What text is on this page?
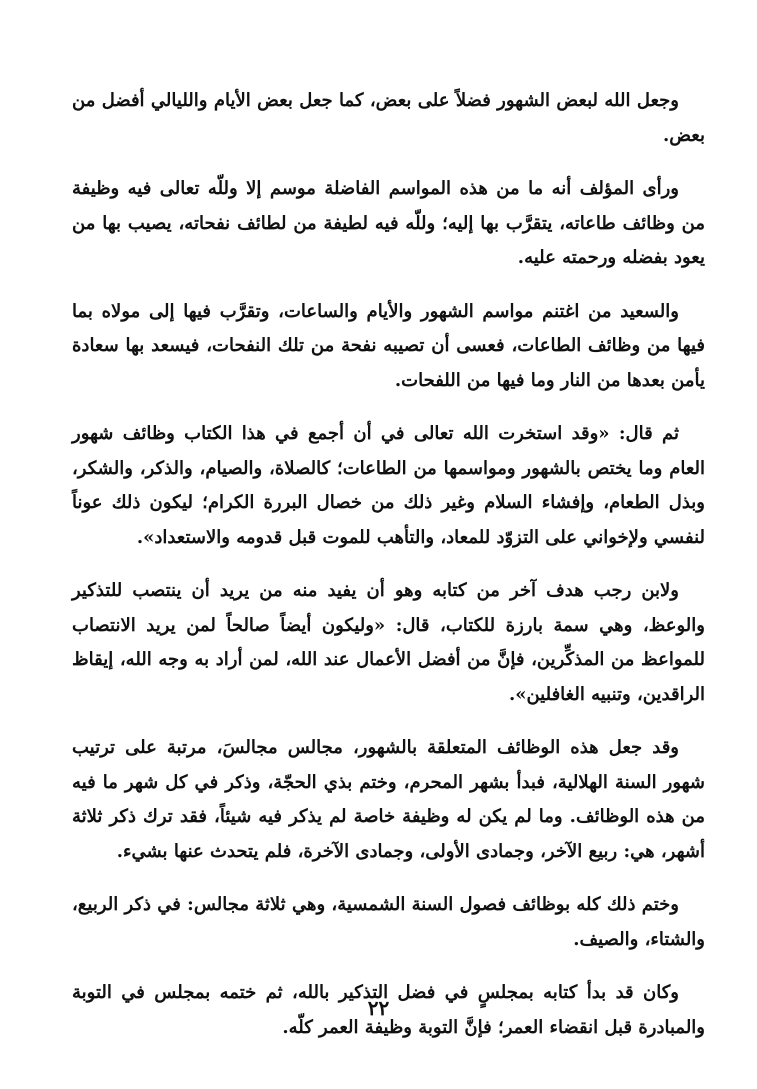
وجعل الله لبعض الشهور فضلاً على بعض، كما جعل بعض الأيام والليالي أفضل من بعض.

ورأى المؤلف أنه ما من هذه المواسم الفاضلة موسم إلا وللّه تعالى فيه وظيفة من وظائف طاعاته، يتقرَّب بها إليه؛ وللّه فيه لطيفة من لطائف نفحاته، يصيب بها من يعود بفضله ورحمته عليه.

والسعيد من اغتنم مواسم الشهور والأيام والساعات، وتقرَّب فيها إلى مولاه بما فيها من وظائف الطاعات، فعسى أن تصيبه نفحة من تلك النفحات، فيسعد بها سعادة يأمن بعدها من النار وما فيها من اللفحات.

ثم قال: «وقد استخرت الله تعالى في أن أجمع في هذا الكتاب وظائف شهور العام وما يختص بالشهور ومواسمها من الطاعات؛ كالصلاة، والصيام، والذكر، والشكر، وبذل الطعام، وإفشاء السلام وغير ذلك من خصال البررة الكرام؛ ليكون ذلك عوناً لنفسي ولإخواني على التزوّد للمعاد، والتأهب للموت قبل قدومه والاستعداد».

ولابن رجب هدف آخر من كتابه وهو أن يفيد منه من يريد أن ينتصب للتذكير والوعظ، وهي سمة بارزة للكتاب، قال: «وليكون أيضاً صالحاً لمن يريد الانتصاب للمواعظ من المذكِّرين، فإنَّ من أفضل الأعمال عند الله، لمن أراد به وجه الله، إيقاظ الراقدين، وتنبيه الغافلين».

وقد جعل هذه الوظائف المتعلقة بالشهور، مجالس مجالسَ، مرتبة على ترتيب شهور السنة الهلالية، فبدأ بشهر المحرم، وختم بذي الحجّة، وذكر في كل شهر ما فيه من هذه الوظائف. وما لم يكن له وظيفة خاصة لم يذكر فيه شيئاً، فقد ترك ذكر ثلاثة أشهر، هي: ربيع الآخر، وجمادى الأولى، وجمادى الآخرة، فلم يتحدث عنها بشيء.

وختم ذلك كله بوظائف فصول السنة الشمسية، وهي ثلاثة مجالس: في ذكر الربيع، والشتاء، والصيف.

وكان قد بدأ كتابه بمجلسٍ في فضل التذكير بالله، ثم ختمه بمجلس في التوبة والمبادرة قبل انقضاء العمر؛ فإنَّ التوبة وظيفة العمر كلّه.

٢٢
